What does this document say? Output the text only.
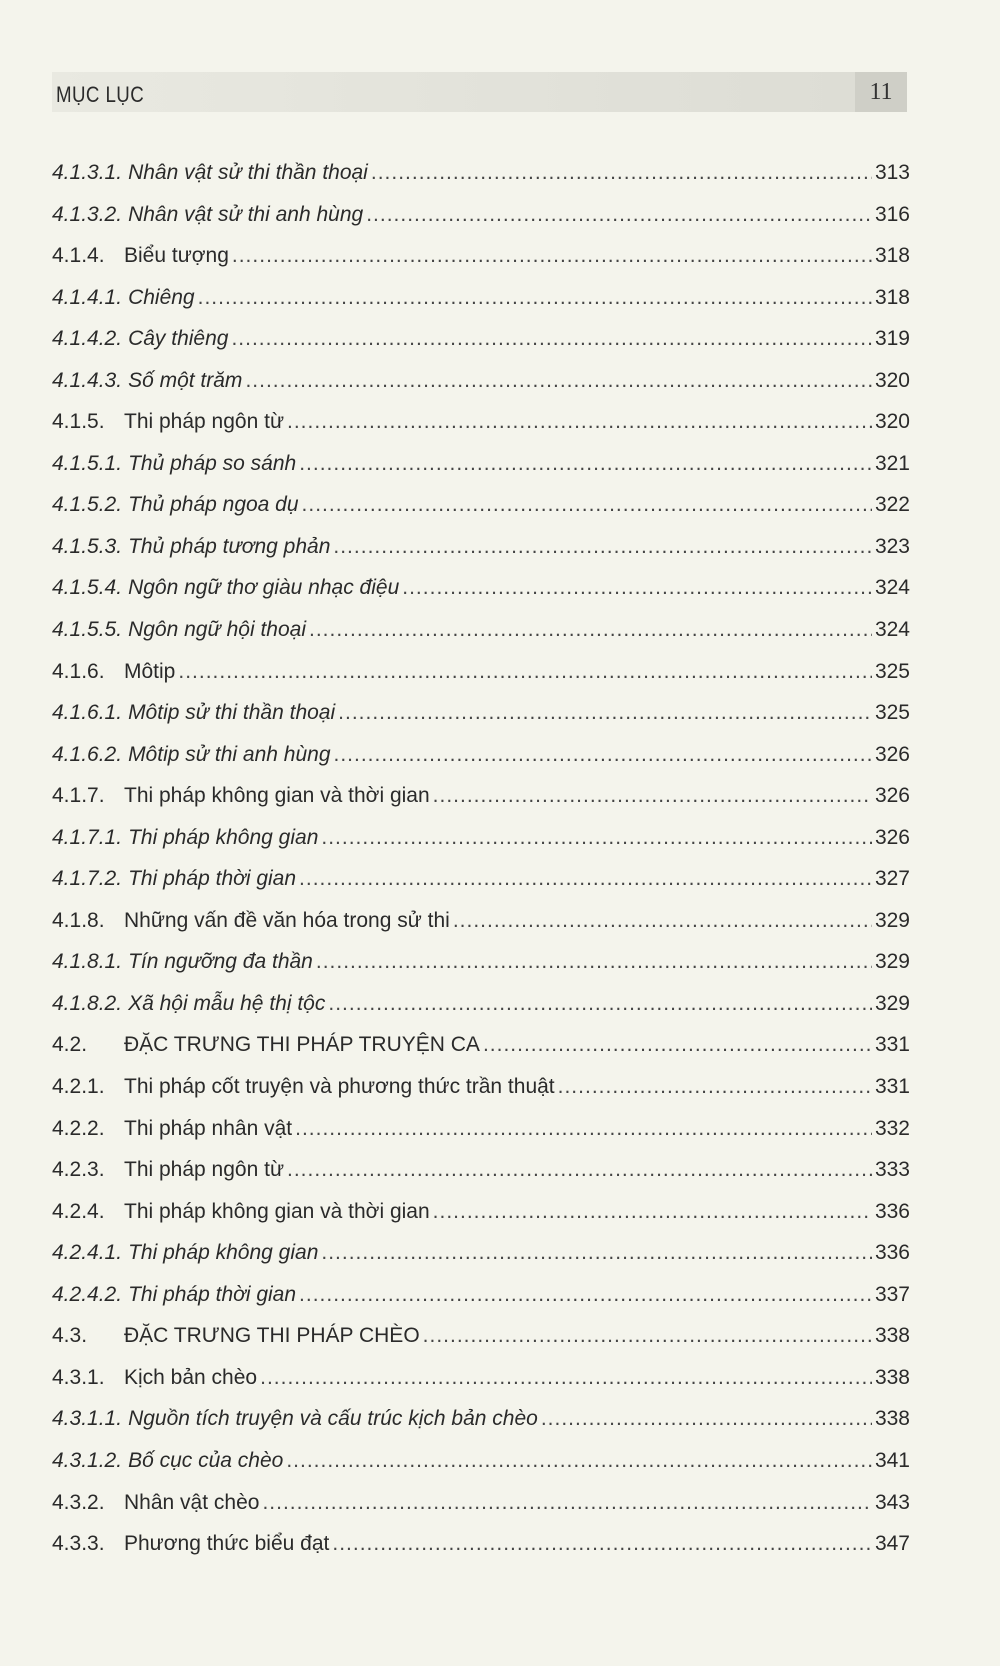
MỤC LỤC	11
4.1.3.1. Nhân vật sử thi thần thoại .....	313
4.1.3.2. Nhân vật sử thi anh hùng .....	316
4.1.4. Biểu tượng .....	318
4.1.4.1. Chiêng .....	318
4.1.4.2. Cây thiêng .....	319
4.1.4.3. Số một trăm .....	320
4.1.5. Thi pháp ngôn từ .....	320
4.1.5.1. Thủ pháp so sánh .....	321
4.1.5.2. Thủ pháp ngoa dụ .....	322
4.1.5.3. Thủ pháp tương phản .....	323
4.1.5.4. Ngôn ngữ thơ giàu nhạc điệu .....	324
4.1.5.5. Ngôn ngữ hội thoại .....	324
4.1.6. Môtip .....	325
4.1.6.1. Môtip sử thi thần thoại .....	325
4.1.6.2. Môtip sử thi anh hùng .....	326
4.1.7. Thi pháp không gian và thời gian .....	326
4.1.7.1. Thi pháp không gian .....	326
4.1.7.2. Thi pháp thời gian .....	327
4.1.8. Những vấn đề văn hóa trong sử thi .....	329
4.1.8.1. Tín ngưỡng đa thần .....	329
4.1.8.2. Xã hội mẫu hệ thị tộc .....	329
4.2.	ĐẶC TRƯNG THI PHÁP TRUYỆN CA .....	331
4.2.1. Thi pháp cốt truyện và phương thức trần thuật .....	331
4.2.2. Thi pháp nhân vật .....	332
4.2.3. Thi pháp ngôn từ .....	333
4.2.4. Thi pháp không gian và thời gian .....	336
4.2.4.1. Thi pháp không gian .....	336
4.2.4.2. Thi pháp thời gian .....	337
4.3.	ĐẶC TRƯNG THI PHÁP CHÈO .....	338
4.3.1. Kịch bản chèo .....	338
4.3.1.1. Nguồn tích truyện và cấu trúc kịch bản chèo .....	338
4.3.1.2. Bố cục của chèo .....	341
4.3.2. Nhân vật chèo .....	343
4.3.3. Phương thức biểu đạt .....	347
